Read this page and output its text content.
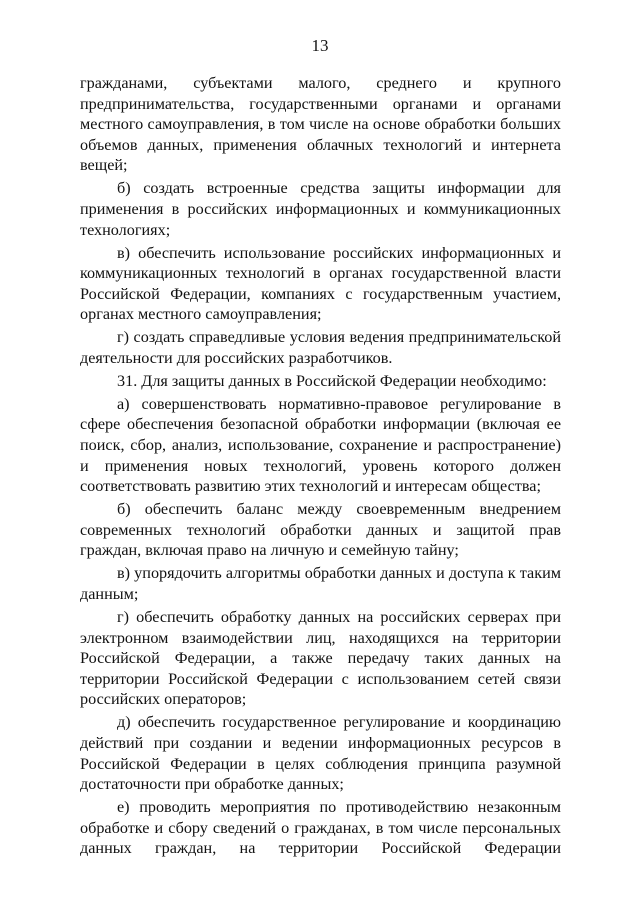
13

гражданами, субъектами малого, среднего и крупного предпринимательства, государственными органами и органами местного самоуправления, в том числе на основе обработки больших объемов данных, применения облачных технологий и интернета вещей;

б) создать встроенные средства защиты информации для применения в российских информационных и коммуникационных технологиях;

в) обеспечить использование российских информационных и коммуникационных технологий в органах государственной власти Российской Федерации, компаниях с государственным участием, органах местного самоуправления;

г) создать справедливые условия ведения предпринимательской деятельности для российских разработчиков.

31. Для защиты данных в Российской Федерации необходимо:

а) совершенствовать нормативно-правовое регулирование в сфере обеспечения безопасной обработки информации (включая ее поиск, сбор, анализ, использование, сохранение и распространение) и применения новых технологий, уровень которого должен соответствовать развитию этих технологий и интересам общества;

б) обеспечить баланс между своевременным внедрением современных технологий обработки данных и защитой прав граждан, включая право на личную и семейную тайну;

в) упорядочить алгоритмы обработки данных и доступа к таким данным;

г) обеспечить обработку данных на российских серверах при электронном взаимодействии лиц, находящихся на территории Российской Федерации, а также передачу таких данных на территории Российской Федерации с использованием сетей связи российских операторов;

д) обеспечить государственное регулирование и координацию действий при создании и ведении информационных ресурсов в Российской Федерации в целях соблюдения принципа разумной достаточности при обработке данных;

е) проводить мероприятия по противодействию незаконным обработке и сбору сведений о гражданах, в том числе персональных данных граждан, на территории Российской Федерации
